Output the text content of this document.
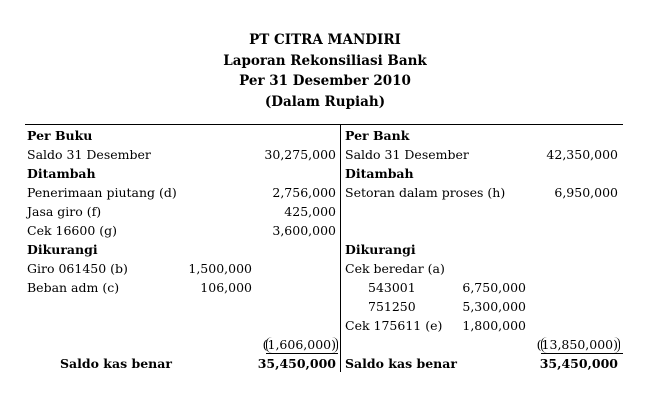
PT CITRA MANDIRI
Laporan Rekonsiliasi Bank
Per 31 Desember 2010
(Dalam Rupiah)
Per Buku
Saldo 31 Desember	30,275,000
Ditambah
Penerimaan piutang (d)	2,756,000
Jasa giro (f)	425,000
Cek 16600 (g)	3,600,000
Dikurangi
Giro 061450 (b)	1,500,000
Beban adm (c)	106,000
(1,606,000)
Saldo kas benar	35,450,000
Per Bank
Saldo 31 Desember	42,350,000
Ditambah
Setoran dalam proses (h)	6,950,000
Dikurangi
Cek beredar (a)
543001	6,750,000
751250	5,300,000
Cek 175611 (e)	1,800,000
(13,850,000)
Saldo kas benar	35,450,000
